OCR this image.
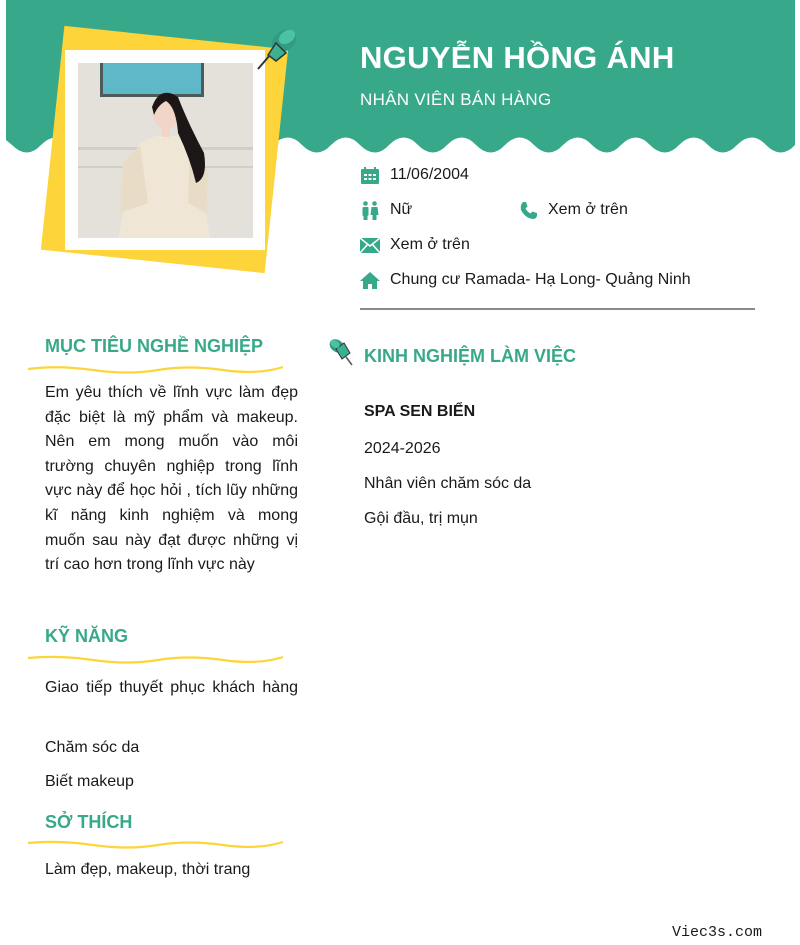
NGUYỄN HỒNG ÁNH
NHÂN VIÊN BÁN HÀNG
11/06/2004
Nữ	Xem ở trên
Xem ở trên
Chung cư Ramada- Hạ Long- Quảng Ninh
MỤC TIÊU NGHỀ NGHIỆP
Em yêu thích về lĩnh vực làm đẹp đặc biệt là mỹ phẩm và makeup. Nên em mong muốn vào môi trường chuyên nghiệp trong lĩnh vực này để học hỏi , tích lũy những kĩ năng kinh nghiệm và mong muốn sau này đạt được những vị trí cao hơn trong lĩnh vực này
KỸ NĂNG
Giao tiếp thuyết phục khách hàng
Chăm sóc da
Biết makeup
SỞ THÍCH
Làm đẹp, makeup, thời trang
KINH NGHIỆM LÀM VIỆC
SPA SEN BIỂN
2024-2026
Nhân viên chăm sóc da
Gội đầu, trị mụn
Viec3s.com
